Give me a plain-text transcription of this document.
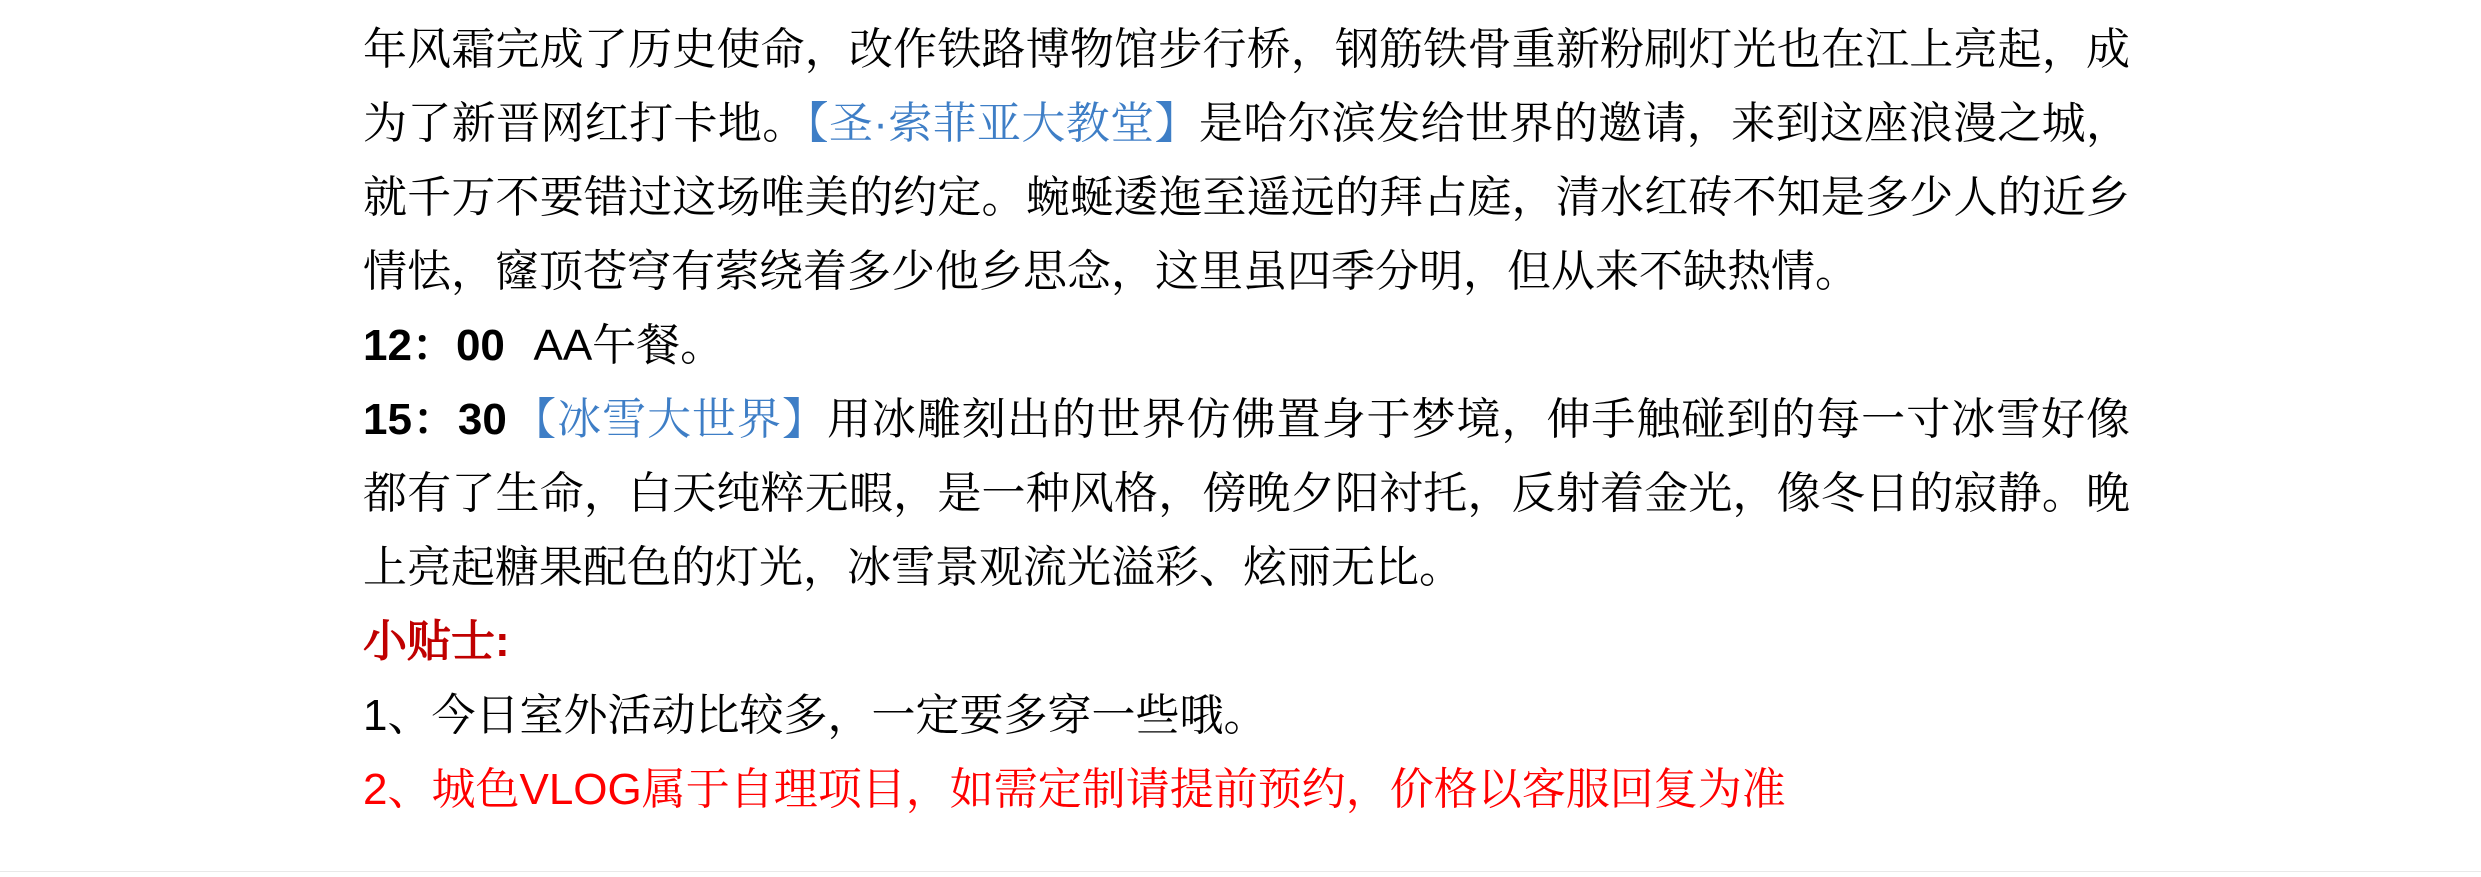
年风霜完成了历史使命，改作铁路博物馆步行桥，钢筋铁骨重新粉刷灯光也在江上亮起，成为了新晋网红打卡地。【圣·索菲亚大教堂】是哈尔滨发给世界的邀请，来到这座浪漫之城，就千万不要错过这场唯美的约定。蜿蜒逶迤至遥远的拜占庭，清水红砖不知是多少人的近乡情怯，窿顶苍穹有萦绕着多少他乡思念，这里虽四季分明，但从来不缺热情。

12：00 AA午餐。

15：30【冰雪大世界】用冰雕刻出的世界仿佛置身于梦境，伸手触碰到的每一寸冰雪好像都有了生命，白天纯粹无暇，是一种风格，傍晚夕阳衬托，反射着金光，像冬日的寂静。晚上亮起糖果配色的灯光，冰雪景观流光溢彩、炫丽无比。

小贴士:

1、今日室外活动比较多，一定要多穿一些哦。

2、城色VLOG属于自理项目，如需定制请提前预约，价格以客服回复为准
